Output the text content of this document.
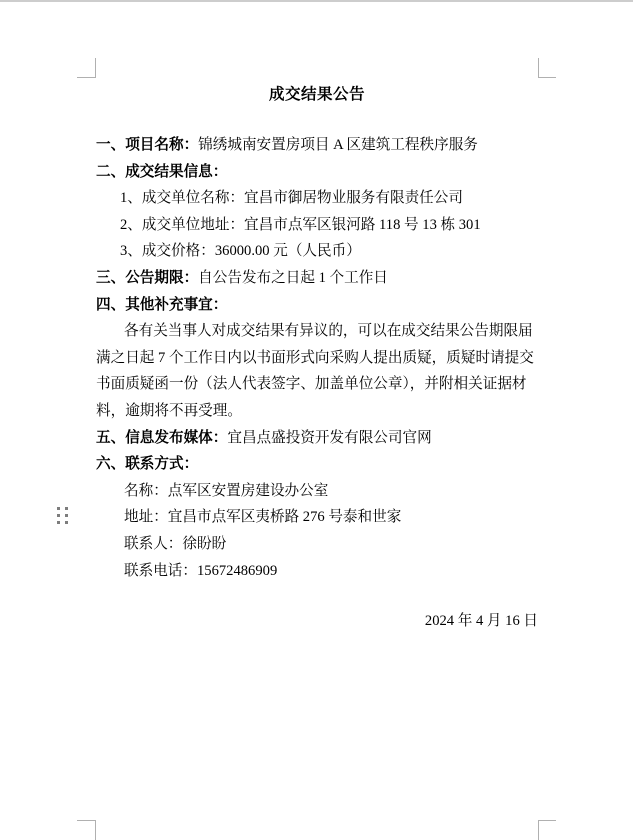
成交结果公告
一、项目名称：锦绣城南安置房项目 A 区建筑工程秩序服务
二、成交结果信息：
1、成交单位名称：宜昌市御居物业服务有限责任公司
2、成交单位地址：宜昌市点军区银河路 118 号 13 栋 301
3、成交价格：36000.00 元（人民币）
三、公告期限：自公告发布之日起 1 个工作日
四、其他补充事宜：
各有关当事人对成交结果有异议的，可以在成交结果公告期限届
满之日起 7 个工作日内以书面形式向采购人提出质疑，质疑时请提交
书面质疑函一份（法人代表签字、加盖单位公章），并附相关证据材
料，逾期将不再受理。
五、信息发布媒体：宜昌点盛投资开发有限公司官网
六、联系方式：
名称：点军区安置房建设办公室
地址：宜昌市点军区夷桥路 276 号泰和世家
联系人：徐盼盼
联系电话：15672486909
2024 年 4 月 16 日
